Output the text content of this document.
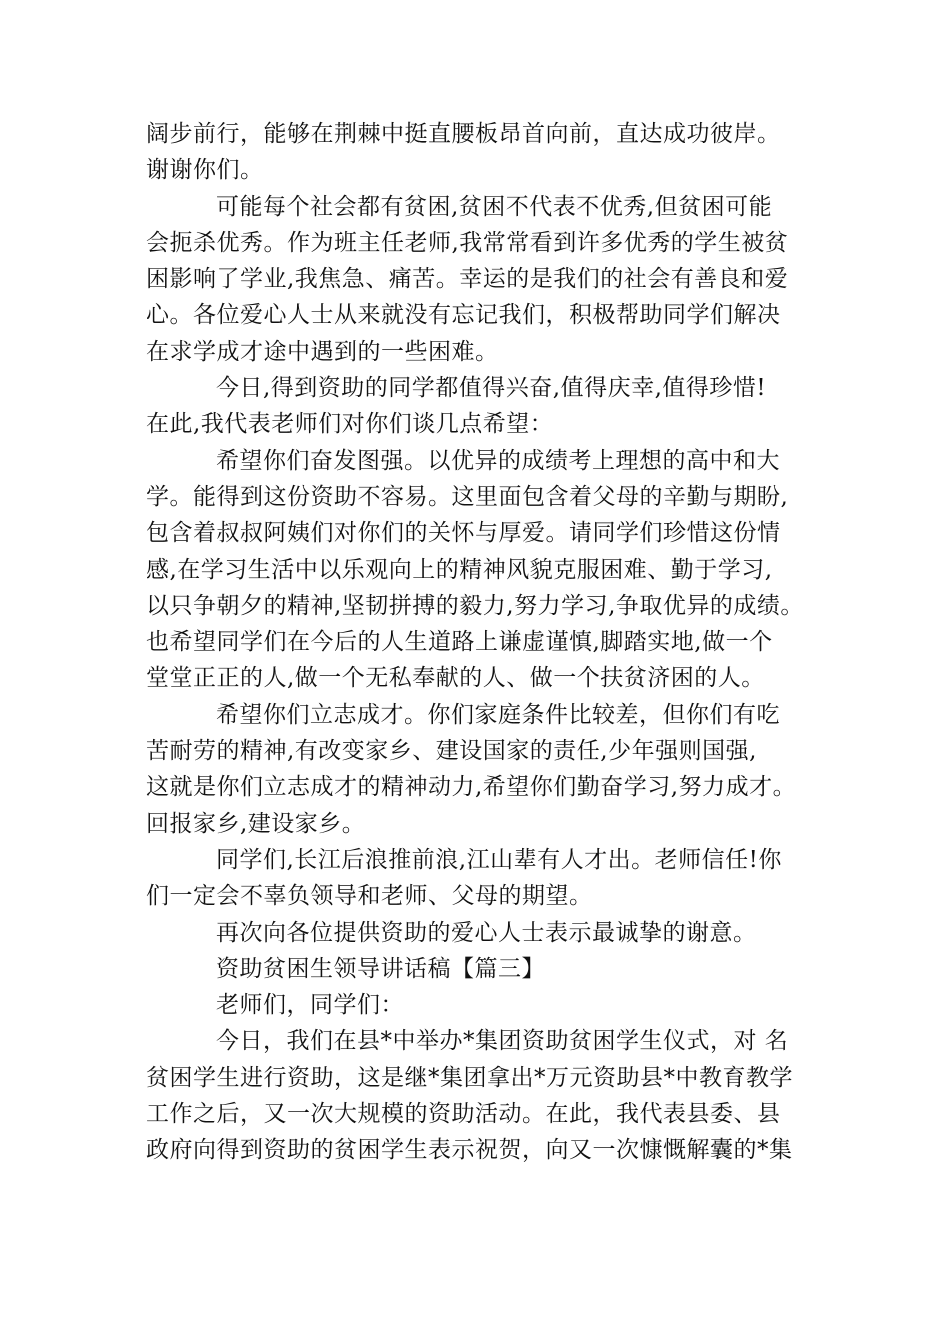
阔步前行，能够在荆棘中挺直腰板昂首向前，直达成功彼岸。
谢谢你们。
可能每个社会都有贫困,贫困不代表不优秀,但贫困可能
会扼杀优秀。作为班主任老师,我常常看到许多优秀的学生被贫
困影响了学业,我焦急、痛苦。幸运的是我们的社会有善良和爱
心。各位爱心人士从来就没有忘记我们，积极帮助同学们解决
在求学成才途中遇到的一些困难。
今日,得到资助的同学都值得兴奋,值得庆幸,值得珍惜!
在此,我代表老师们对你们谈几点希望：
希望你们奋发图强。以优异的成绩考上理想的高中和大
学。能得到这份资助不容易。这里面包含着父母的辛勤与期盼,
包含着叔叔阿姨们对你们的关怀与厚爱。请同学们珍惜这份情
感,在学习生活中以乐观向上的精神风貌克服困难、勤于学习,
以只争朝夕的精神,坚韧拼搏的毅力,努力学习,争取优异的成绩。
也希望同学们在今后的人生道路上谦虚谨慎,脚踏实地,做一个
堂堂正正的人,做一个无私奉献的人、做一个扶贫济困的人。
希望你们立志成才。你们家庭条件比较差，但你们有吃
苦耐劳的精神,有改变家乡、建设国家的责任,少年强则国强,
这就是你们立志成才的精神动力,希望你们勤奋学习,努力成才。
回报家乡,建设家乡。
同学们,长江后浪推前浪,江山辈有人才出。老师信任!你
们一定会不辜负领导和老师、父母的期望。
再次向各位提供资助的爱心人士表示最诚挚的谢意。
资助贫困生领导讲话稿【篇三】
老师们，同学们：
今日，我们在县*中举办*集团资助贫困学生仪式，对 名
贫困学生进行资助，这是继*集团拿出*万元资助县*中教育教学
工作之后，又一次大规模的资助活动。在此，我代表县委、县
政府向得到资助的贫困学生表示祝贺，向又一次慷慨解囊的*集
